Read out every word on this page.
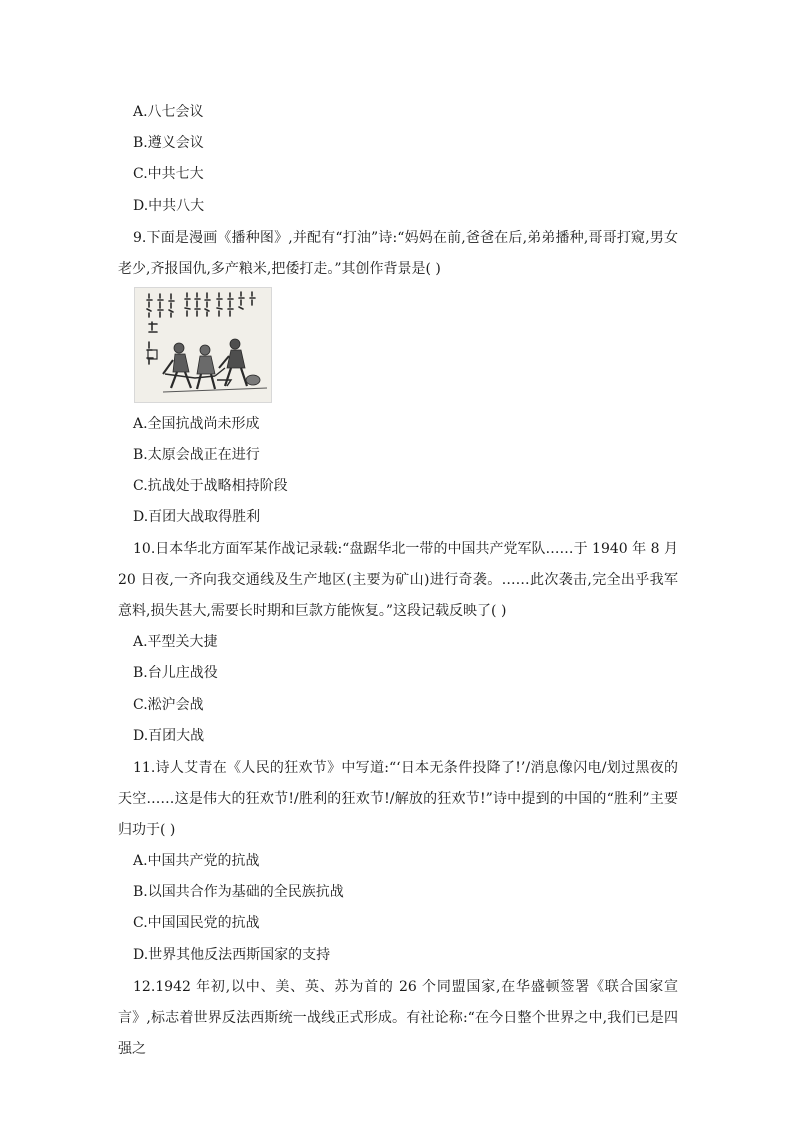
A.八七会议
B.遵义会议
C.中共七大
D.中共八大
9.下面是漫画《播种图》,并配有“打油”诗:“妈妈在前,爸爸在后,弟弟播种,哥哥打窥,男女老少,齐报国仇,多产粮米,把倭打走。”其创作背景是( )
A.全国抗战尚未形成
B.太原会战正在进行
C.抗战处于战略相持阶段
D.百团大战取得胜利
10.日本华北方面军某作战记录载:“盘踞华北一带的中国共产党军队……于 1940 年 8 月 20 日夜,一齐向我交通线及生产地区(主要为矿山)进行奇袭。……此次袭击,完全出乎我军意料,损失甚大,需要长时期和巨款方能恢复。”这段记载反映了( )
A.平型关大捷
B.台儿庄战役
C.淞沪会战
D.百团大战
11.诗人艾青在《人民的狂欢节》中写道:“‘日本无条件投降了!’/消息像闪电/划过黑夜的天空……这是伟大的狂欢节!/胜利的狂欢节!/解放的狂欢节!”诗中提到的中国的“胜利”主要归功于( )
A.中国共产党的抗战
B.以国共合作为基础的全民族抗战
C.中国国民党的抗战
D.世界其他反法西斯国家的支持
12.1942 年初,以中、美、英、苏为首的 26 个同盟国家,在华盛顿签署《联合国家宣言》,标志着世界反法西斯统一战线正式形成。有社论称:“在今日整个世界之中,我们已是四强之
